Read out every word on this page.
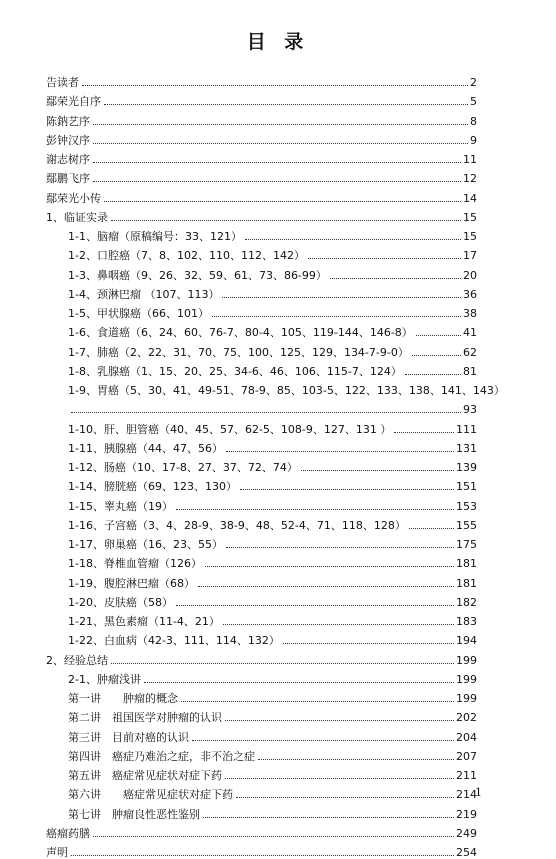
目 录
告读者	2
鄢荣光自序	5
陈鈉艺序	8
彭钟汉序	9
谢志树序	11
鄢鹏飞序	12
鄢荣光小传	14
1、临证实录	15
1-1、脑瘤（原稿编号：33、121）	15
1-2、口腔癌（7、8、102、110、112、142）	17
1-3、鼻咽癌（9、26、32、59、61、73、86-99）	20
1-4、颈淋巴瘤 （107、113）	36
1-5、甲状腺癌（66、101）	38
1-6、食道癌（6、24、60、76-7、80-4、105、119-144、146-8）	41
1-7、肺癌（2、22、31、70、75、100、125、129、134-7-9-0）	62
1-8、乳腺癌（1、15、20、25、34-6、46、106、115-7、124）	81
1-9、胃癌（5、30、41、49-51、78-9、85、103-5、122、133、138、141、143）
93
1-10、肝、胆管癌（40、45、57、62-5、108-9、127、131 ）	111
1-11、胰腺癌（44、47、56）	131
1-12、肠癌（10、17-8、27、37、72、74）	139
1-14、膀胱癌（69、123、130）	151
1-15、睾丸癌（19）	153
1-16、子宫癌（3、4、28-9、38-9、48、52-4、71、118、128）	155
1-17、卵巢癌（16、23、55）	175
1-18、脊椎血管瘤（126）	181
1-19、腹腔淋巴瘤（68）	181
1-20、皮肤癌（58）	182
1-21、黑色素瘤（11-4、21）	183
1-22、白血病（42-3、111、114、132）	194
2、经验总结	199
2-1、肿瘤浅讲	199
第一讲　　肿瘤的概念	199
第二讲　祖国医学对肿瘤的认识	202
第三讲　目前对癌的认识	204
第四讲　癌症乃难治之症，非不治之症	207
第五讲　癌症常见症状对症下药	211
第六讲　　癌症常见症状对症下药	214
第七讲　肿瘤良性恶性鉴别	219
癌瘤药膳	249
声明	254
1
